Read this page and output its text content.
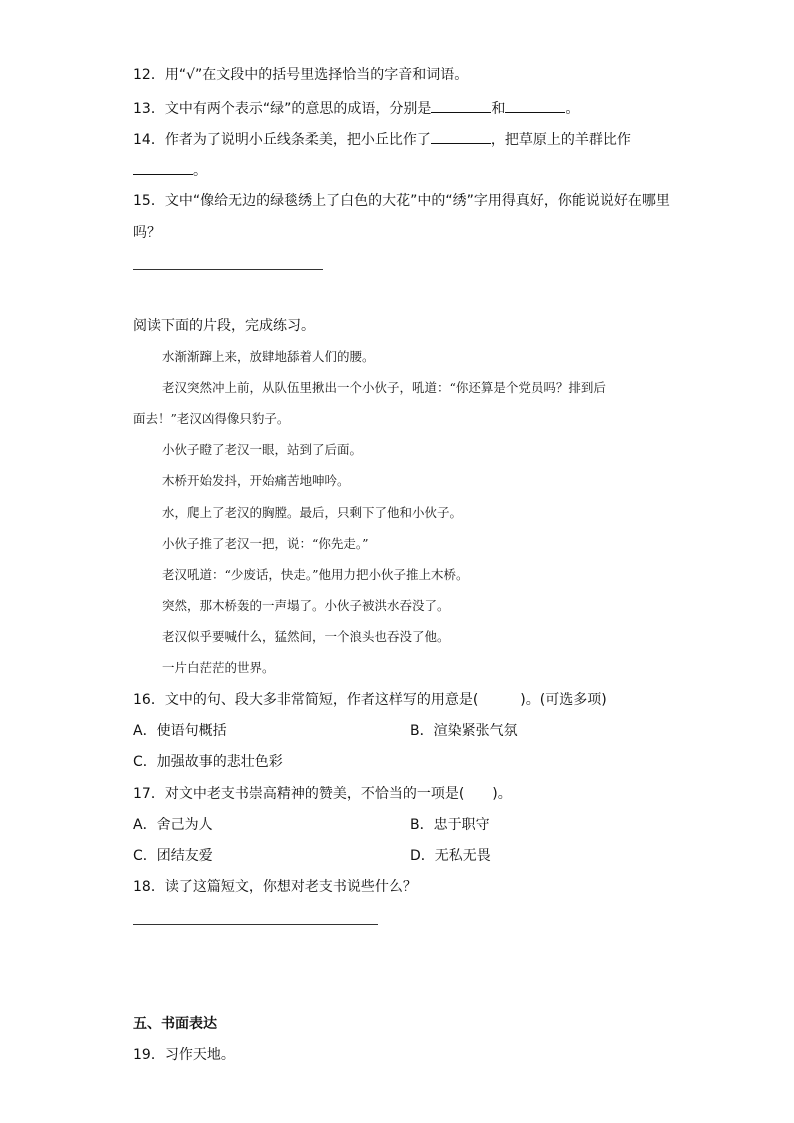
12．用“√”在文段中的括号里选择恰当的字音和词语。
13．文中有两个表示“绿”的意思的成语，分别是	和	。
14．作者为了说明小丘线条柔美，把小丘比作了	，把草原上的羊群比作
。
15．文中“像给无边的绿毯绣上了白色的大花”中的“绣”字用得真好，你能说说好在哪里
吗？
阅读下面的片段，完成练习。
水渐渐蹿上来，放肆地舔着人们的腰。
老汉突然冲上前，从队伍里揪出一个小伙子，吼道：“你还算是个党员吗？排到后
面去！”老汉凶得像只豹子。
小伙子瞪了老汉一眼，站到了后面。
木桥开始发抖，开始痛苦地呻吟。
水，爬上了老汉的胸膛。最后，只剩下了他和小伙子。
小伙子推了老汉一把，说：“你先走。”
老汉吼道：“少废话，快走。”他用力把小伙子推上木桥。
突然，那木桥轰的一声塌了。小伙子被洪水吞没了。
老汉似乎要喊什么，猛然间，一个浪头也吞没了他。
一片白茫茫的世界。
16．文中的句、段大多非常简短，作者这样写的用意是(　　　)。(可选多项)
A．使语句概括	B．渲染紧张气氛
C．加强故事的悲壮色彩
17．对文中老支书崇高精神的赞美，不恰当的一项是(　　)。
A．舍己为人	B．忠于职守
C．团结友爱	D．无私无畏
18．读了这篇短文，你想对老支书说些什么？
五、书面表达
19．习作天地。
